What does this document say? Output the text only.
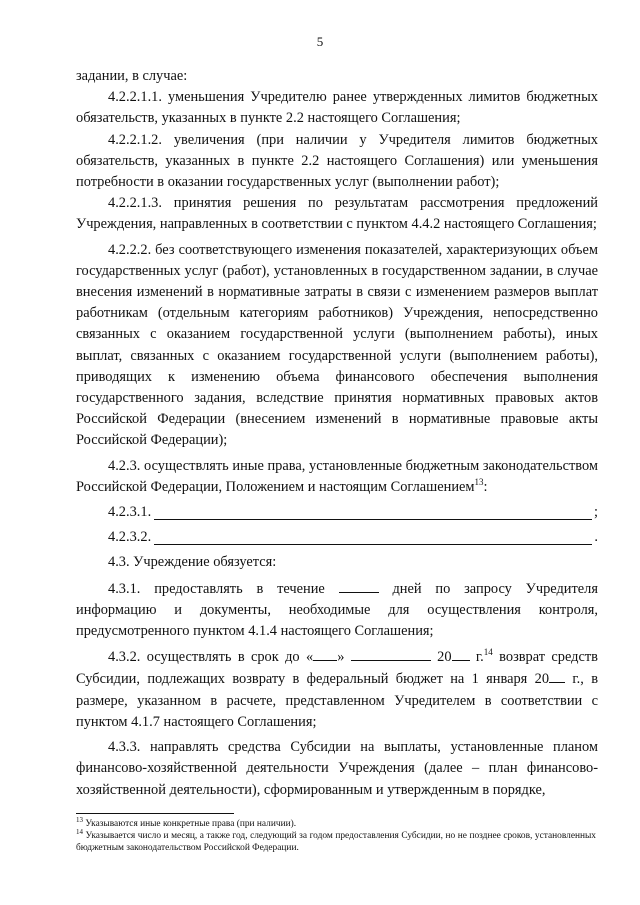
5

задании, в случае:

4.2.2.1.1. уменьшения Учредителю ранее утвержденных лимитов бюджетных обязательств, указанных в пункте 2.2 настоящего Соглашения;

4.2.2.1.2. увеличения (при наличии у Учредителя лимитов бюджетных обязательств, указанных в пункте 2.2 настоящего Соглашения) или уменьшения потребности в оказании государственных услуг (выполнении работ);

4.2.2.1.3. принятия решения по результатам рассмотрения предложений Учреждения, направленных в соответствии с пунктом 4.4.2 настоящего Соглашения;

4.2.2.2. без соответствующего изменения показателей, характеризующих объем государственных услуг (работ), установленных в государственном задании, в случае внесения изменений в нормативные затраты в связи с изменением размеров выплат работникам (отдельным категориям работников) Учреждения, непосредственно связанных с оказанием государственной услуги (выполнением работы), иных выплат, связанных с оказанием государственной услуги (выполнением работы), приводящих к изменению объема финансового обеспечения выполнения государственного задания, вследствие принятия нормативных правовых актов Российской Федерации (внесением изменений в нормативные правовые акты Российской Федерации);

4.2.3. осуществлять иные права, установленные бюджетным законодательством Российской Федерации, Положением и настоящим Соглашением$^{13}$:

4.2.3.1.	;
4.2.3.2.	.

4.3. Учреждение обязуется:

4.3.1. предоставлять в течение	дней по запросу Учредителя информацию и документы, необходимые для осуществления контроля, предусмотренного пунктом 4.1.4 настоящего Соглашения;

4.3.2. осуществлять в срок до « »	20 г.$^{14}$ возврат средств Субсидии, подлежащих возврату в федеральный бюджет на 1 января 20 г., в размере, указанном в расчете, представленном Учредителем в соответствии с пунктом 4.1.7 настоящего Соглашения;

4.3.3. направлять средства Субсидии на выплаты, установленные планом финансово-хозяйственной деятельности Учреждения (далее – план финансово-хозяйственной деятельности), сформированным и утвержденным в порядке,

$^{13}$ Указываются иные конкретные права (при наличии).

$^{14}$ Указывается число и месяц, а также год, следующий за годом предоставления Субсидии, но не позднее сроков, установленных бюджетным законодательством Российской Федерации.
